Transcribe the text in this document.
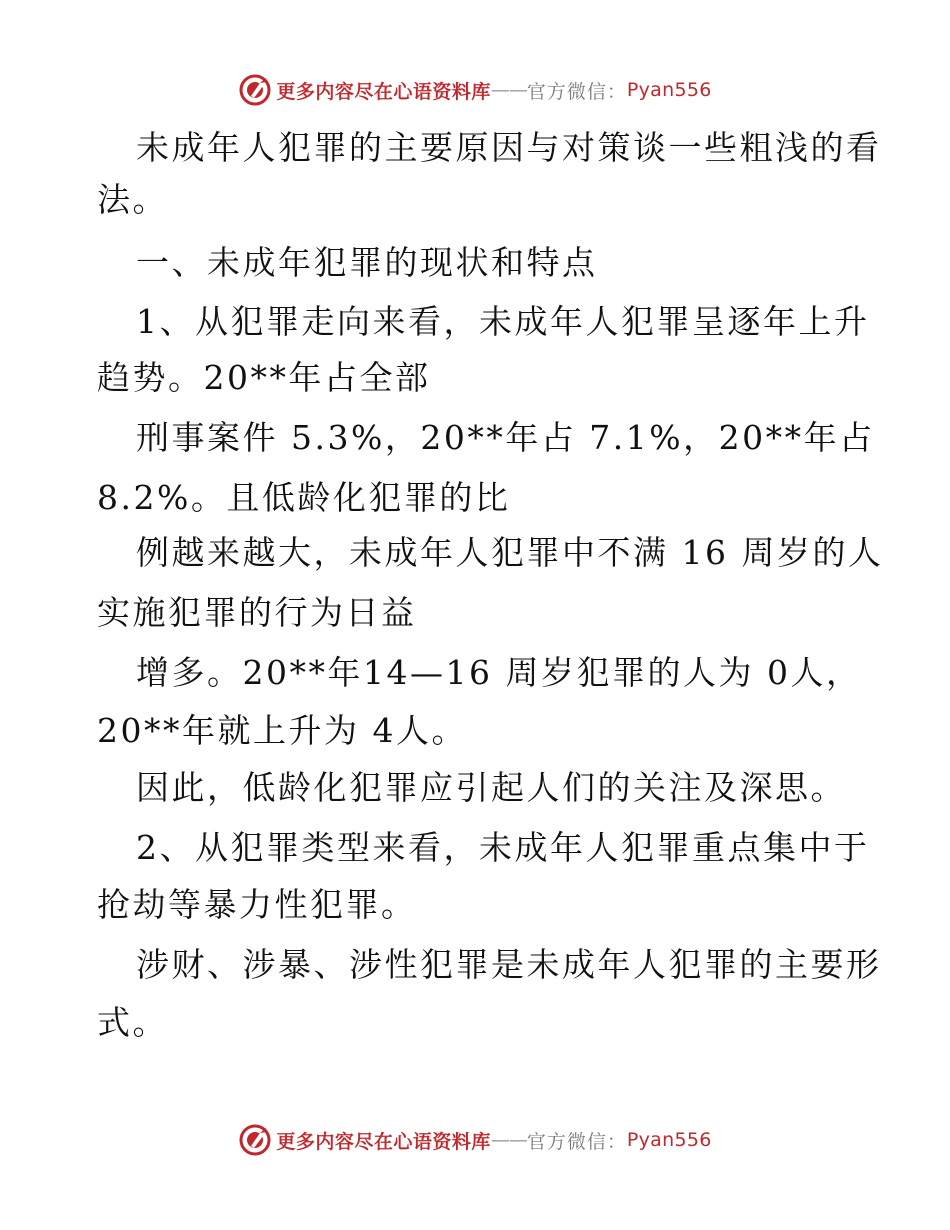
更多内容尽在心语资料库 —— 官方微信： Pyan556
未成年人犯罪的主要原因与对策谈一些粗浅的看
法。
一、未成年犯罪的现状和特点
1、从犯罪走向来看，未成年人犯罪呈逐年上升
趋势。20**年占全部
刑事案件 5.3%，20**年占 7.1%，20**年占
8.2%。且低龄化犯罪的比
例越来越大，未成年人犯罪中不满 16 周岁的人
实施犯罪的行为日益
增多。20**年14—16 周岁犯罪的人为 0人，
20**年就上升为 4人。
因此，低龄化犯罪应引起人们的关注及深思。
2、从犯罪类型来看，未成年人犯罪重点集中于
抢劫等暴力性犯罪。
涉财、涉暴、涉性犯罪是未成年人犯罪的主要形
式。
更多内容尽在心语资料库 —— 官方微信： Pyan556
